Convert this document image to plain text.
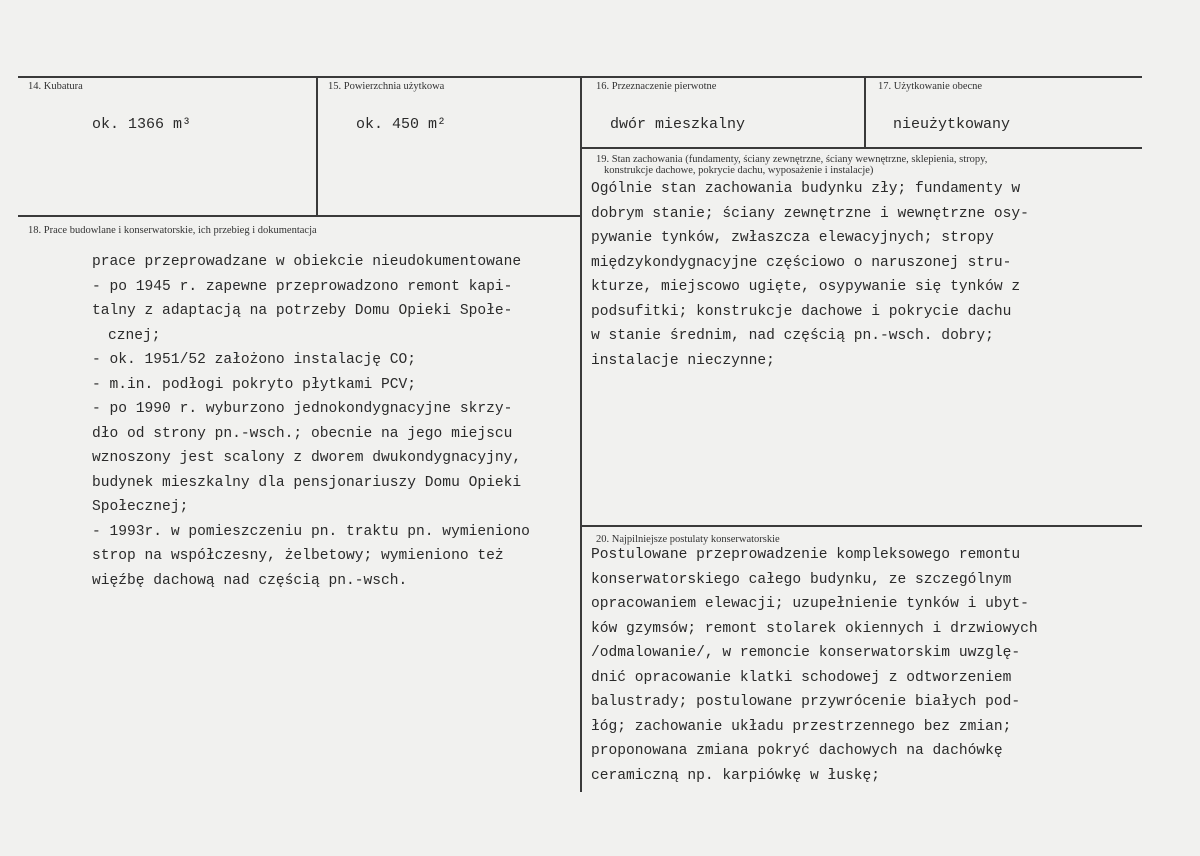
14. Kubatura
ok. 1366 m³
15. Powierzchnia użytkowa
ok. 450 m²
16. Przeznaczenie pierwotne
dwór mieszkalny
17. Użytkowanie obecne
nieużytkowany
19. Stan zachowania (fundamenty, ściany zewnętrzne, ściany wewnętrzne, sklepienia, stropy,
konstrukcje dachowe, pokrycie dachu, wyposażenie i instalacje)
Ogólnie stan zachowania budynku zły; fundamenty w
dobrym stanie; ściany zewnętrzne i wewnętrzne osy-
pywanie tynków, zwłaszcza elewacyjnych; stropy
międzykondygnacyjne częściowo o naruszonej stru-
kturze, miejscowo ugięte, osypywanie się tynków z
podsufitki; konstrukcje dachowe i pokrycie dachu
w stanie średnim, nad częścią pn.-wsch. dobry;
instalacje nieczynne;
18. Prace budowlane i konserwatorskie, ich przebieg i dokumentacja
prace przeprowadzane w obiekcie nieudokumentowane
- po 1945 r. zapewne przeprowadzono remont kapi-
talny z adaptacją na potrzeby Domu Opieki Społe-
cznej;
- ok. 1951/52 założono instalację CO;
- m.in. podłogi pokryto płytkami PCV;
- po 1990 r. wyburzono jednokondygnacyjne skrzy-
dło od strony pn.-wsch.; obecnie na jego miejscu
wznoszony jest scalony z dworem dwukondygnacyjny,
budynek mieszkalny dla pensjonariuszy Domu Opieki
Społecznej;
- 1993r. w pomieszczeniu pn. traktu pn. wymieniono
strop na współczesny, żelbetowy; wymieniono też
więźbę dachową nad częścią pn.-wsch.
20. Najpilniejsze postulaty konserwatorskie
Postulowane przeprowadzenie kompleksowego remontu
konserwatorskiego całego budynku, ze szczególnym
opracowaniem elewacji; uzupełnienie tynków i ubyt-
ków gzymsów; remont stolarek okiennych i drzwiowych
/odmalowanie/, w remoncie konserwatorskim uwzglę-
dnić opracowanie klatki schodowej z odtworzeniem
balustrady; postulowane przywrócenie białych pod-
łóg; zachowanie układu przestrzennego bez zmian;
proponowana zmiana pokryć dachowych na dachówkę
ceramiczną np. karpiówkę w łuskę;
